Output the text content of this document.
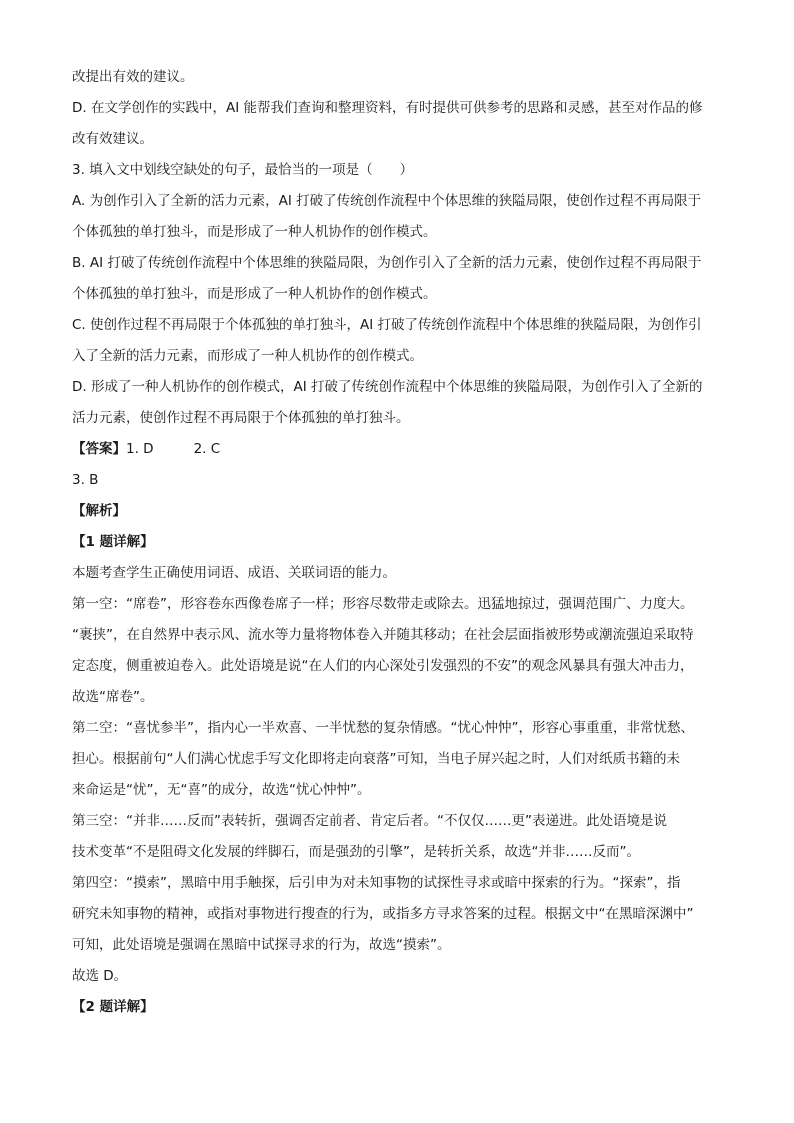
改提出有效的建议。

D. 在文学创作的实践中，AI 能帮我们查询和整理资料，有时提供可供参考的思路和灵感，甚至对作品的修

改有效建议。

3. 填入文中划线空缺处的句子，最恰当的一项是（　　）

A. 为创作引入了全新的活力元素，AI 打破了传统创作流程中个体思维的狭隘局限，使创作过程不再局限于

个体孤独的单打独斗，而是形成了一种人机协作的创作模式。

B. AI 打破了传统创作流程中个体思维的狭隘局限，为创作引入了全新的活力元素，使创作过程不再局限于

个体孤独的单打独斗，而是形成了一种人机协作的创作模式。

C. 使创作过程不再局限于个体孤独的单打独斗，AI 打破了传统创作流程中个体思维的狭隘局限，为创作引

入了全新的活力元素，而形成了一种人机协作的创作模式。

D. 形成了一种人机协作的创作模式，AI 打破了传统创作流程中个体思维的狭隘局限，为创作引入了全新的

活力元素，使创作过程不再局限于个体孤独的单打独斗。

【答案】1. D	2. C

3. B

【解析】

【1 题详解】

本题考查学生正确使用词语、成语、关联词语的能力。

第一空：“席卷”，形容卷东西像卷席子一样；形容尽数带走或除去。迅猛地掠过，强调范围广、力度大。

“裹挟”，在自然界中表示风、流水等力量将物体卷入并随其移动；在社会层面指被形势或潮流强迫采取特

定态度，侧重被迫卷入。此处语境是说“在人们的内心深处引发强烈的不安”的观念风暴具有强大冲击力，

故选“席卷”。

第二空：“喜忧参半”，指内心一半欢喜、一半忧愁的复杂情感。“忧心忡忡”，形容心事重重，非常忧愁、

担心。根据前句“人们满心忧虑手写文化即将走向衰落”可知，当电子屏兴起之时，人们对纸质书籍的未

来命运是“忧”，无“喜”的成分，故选“忧心忡忡”。

第三空：“并非……反而”表转折，强调否定前者、肯定后者。“不仅仅……更”表递进。此处语境是说

技术变革“不是阻碍文化发展的绊脚石，而是强劲的引擎”，是转折关系，故选“并非……反而”。

第四空：“摸索”，黑暗中用手触探，后引申为对未知事物的试探性寻求或暗中探索的行为。“探索”，指

研究未知事物的精神，或指对事物进行搜查的行为，或指多方寻求答案的过程。根据文中“在黑暗深渊中”

可知，此处语境是强调在黑暗中试探寻求的行为，故选“摸索”。

故选 D。

【2 题详解】
